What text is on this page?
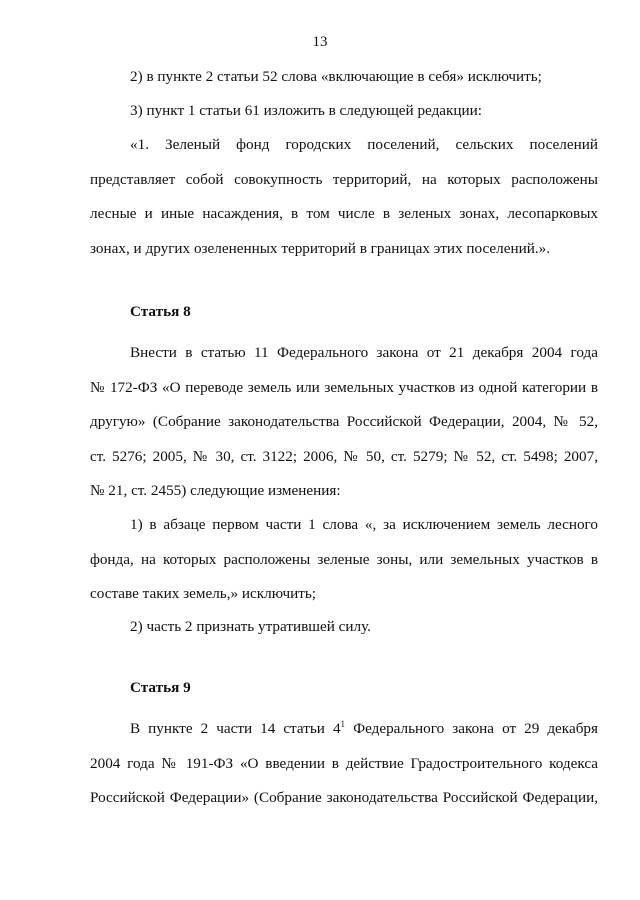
13

2) в пункте 2 статьи 52 слова «включающие в себя» исключить;

3) пункт 1 статьи 61 изложить в следующей редакции:

«1. Зеленый фонд городских поселений, сельских поселений
представляет собой совокупность территорий, на которых расположены
лесные и иные насаждения, в том числе в зеленых зонах, лесопарковых
зонах, и других озелененных территорий в границах этих поселений.».

Статья 8

Внести в статью 11 Федерального закона от 21 декабря 2004 года
№ 172-ФЗ «О переводе земель или земельных участков из одной категории в
другую» (Собрание законодательства Российской Федерации, 2004, № 52,
ст. 5276; 2005, № 30, ст. 3122; 2006, № 50, ст. 5279; № 52, ст. 5498; 2007,
№ 21, ст. 2455) следующие изменения:

1) в абзаце первом части 1 слова «, за исключением земель лесного
фонда, на которых расположены зеленые зоны, или земельных участков в
составе таких земель,» исключить;

2) часть 2 признать утратившей силу.

Статья 9

В пункте 2 части 14 статьи $4^1$ Федерального закона от 29 декабря
2004 года № 191-ФЗ «О введении в действие Градостроительного кодекса
Российской Федерации» (Собрание законодательства Российской Федерации,
